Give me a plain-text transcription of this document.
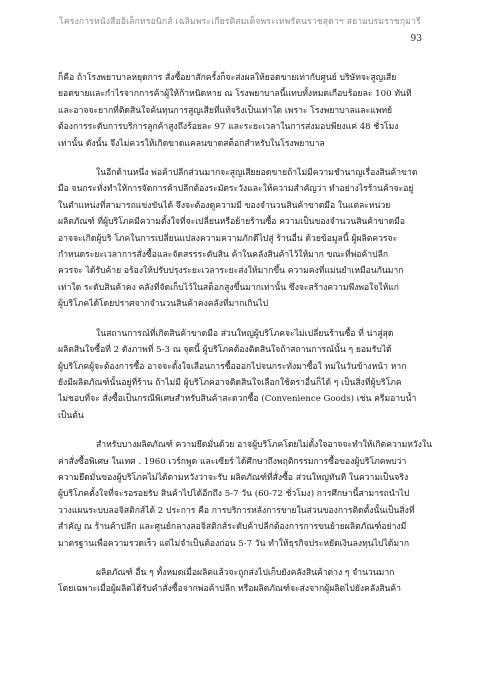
โครงการหนังสืออิเล็กทรอนิกส์ เฉลิมพระเกียรติสมเด็จพระเทพรัตนราชสุดาฯ สยามบรมราชกุมารี
93
ก็คือ ถ้าโรงพยาบาลหยุดการ สั่งซื้อยาสักครั้งก็จะส่งผลให้ยอดขายเท่ากับศูนย์ บริษัทจะสูญเสีย
ยอดขายและกำไรจากการค้าผู้ให้ก้าหนิดหาย ณ โรงพยาบาลนี้แทบทั้งหมดเกือบร้อยละ 100 ทันที
และอาจจะยากที่ติดสินใจค้นทุนการสูญเสียที่แท้จริงเป็นเท่าใด เพราะ โรงพยาบาลและแพทย์
ต้องการระดับการบริการลูกค้าสูงถึงร้อยละ 97 และระยะเวลาในการส่งมอบพียงแค่ 48 ชั่วโมง
เท่านั้น ดังนั้น จึงไม่ควรให้เกิดขาดแคลนขาดสต็อกสำหรับในโรงพยาบาล
ในอีกด้านหนึ่ง พ่อค้าปลีกส่วนมากจะสูญเสียยอดขายถ้าไม่มีความชำนาญเรื่องสินค้าขาด
มือ จนกระทั่งทำให้การจัดการค้าปลีกต้องระมัดระวังและให้ความสำคัญว่า ทำอย่างไรร้านค้าจะอยู่
ในตำแหน่งที่สามารถแข่งขันได้ จึงจะต้องดูความมี ของจำนวนสินค้าขาดมือ ในแต่ละหน่วย
ผลิตภัณฑ์ ที่ผู้บริโภคมีความตั้งใจที่จะเปลี่ยนหรือย้ายร้านซื้อ ความเป็นของจำนวนสินค้าขาดมือ
อาจจะเกิดผู้บริ โภคในการเปลี่ยนแปลงความความภักดีไปสู่ ร้านอื่น ด้วยข้อมูลนี้ ผู้ผลิตควรจะ
กำหนดระยะเวลาการสั่งซื้อและจัดสรรระดับสิน ค้าในคลังสินค้าไว้ให้มาก ขณะที่พ่อค้าปลีก
ควรจะ ได้รับค้าย อร้องให้ปรับปรุงระยะเวลาระยะส่งให้มากขึ้น ความคงที่แม่นยำเหมือนกันมาก
เท่าใด ระดับสินค้าคง คลังที่จัดเก็บไว้ในสต็อกสูงขึ้นมากเท่านั้น ซึ่งจะสร้างความพึงพอใจให้แก่
ผู้บริโภคได้โดยปราศจากจำนวนสินค้าคงคลังที่มากเกินไป
ในสถานการณ์ที่เกิดสินค้าขาดมือ ส่วนใหญ่ผู้บริโภคจะไม่เปลี่ยนร้านซื้อ ที่ น่าสู่สุด
ผลิตสินใจซื้อที่ 2 ดังภาพที่ 5-3 ณ จุดนี้ ผู้บริโภคต้องติดสินใจถ้าสถานการณ์นั้น ๆ ยอมรับได้
ผู้บริโภคผู้จะต้องการซื้อ อาจจะตั้งใจเลือนการซื้อออกไปจนกระทั่งมาซื้อใ หม่ในวันข้างหน้า หาก
ยังมีผลิตภัณฑ์นั้นอยู่ที่ร้าน ถ้าไม่มี ผู้บริโภคอาจติดสินใจเลือกใช้ตราอื่นก็ได้ ๆ เป็นสิ่งที่ผู้บริโภค
ไม่ชอบที่จะ สั่งซื้อเป็นกรณีพิเศษสำหรับสินค้าสะดวกซื้อ (Convenience Goods) เช่น ครีมอาบน้ำ
เป็นต้น
สำหรับบางผลิตภัณฑ์ ความยึดมั่นด้วย อาจผู้บริโภคโดยไม่ตั้งใจอาจจะทำให้เกิดความหวังใน
ค่าสั่งซื้อพิเศษ ในเทศ . 1960 เวร์กพูด และเซียร์ ได้ศึกษาถึงพฤติกรรมการซื้อของผู้บริโภคพบว่า
ความยึดมั่นของผู้บริโภคไม่ได้ตามหวังว่าจะรับ ผลิตภัณฑ์ที่สั่งซื้อ ส่วนใหญ่ทันที ในความเป็นจริง
ผู้บริโภคตั้งใจที่จะรอรอยรับ สินค้าไปได้อีกถึง 5-7 วัน (60-72 ชั่วโมง) การศึกษานี้สามารถนำไป
วางแผนระบบลอจิสติกส์ได้ 2 ประการ คือ การบริการหลังการขายในส่วนของการติดตั้งนั้นเป็นสิ่งที่
สำคัญ ณ ร้านค้าปลีก และศูนย์กลางลอจิสติกส์ระดับค้าปลีกต้องการการขนย้ายผลิตภัณฑ์อย่างมี
มาตรฐานเพื่อความรวดเร็ว แต่ไม่จำเป็นต้องก่อน 5-7 วัน ทำให้ธุรกิจประหยัดเงินลงทุนไปได้มาก
ผลิตภัณฑ์ อื่น ๆ ทั้งหมดเมื่อผลิตแล้วจะถูกส่งไปเก็บยังคลังสินค้าต่าง ๆ จำนวนมาก
โดยเฉพาะเมื่อผู้ผลิตได้รับคำสั่งซื้อจากพ่อค้าปลีก หรือผลิตภัณฑ์จะส่งจากผู้ผลิตไปยังคลังสินค้า
